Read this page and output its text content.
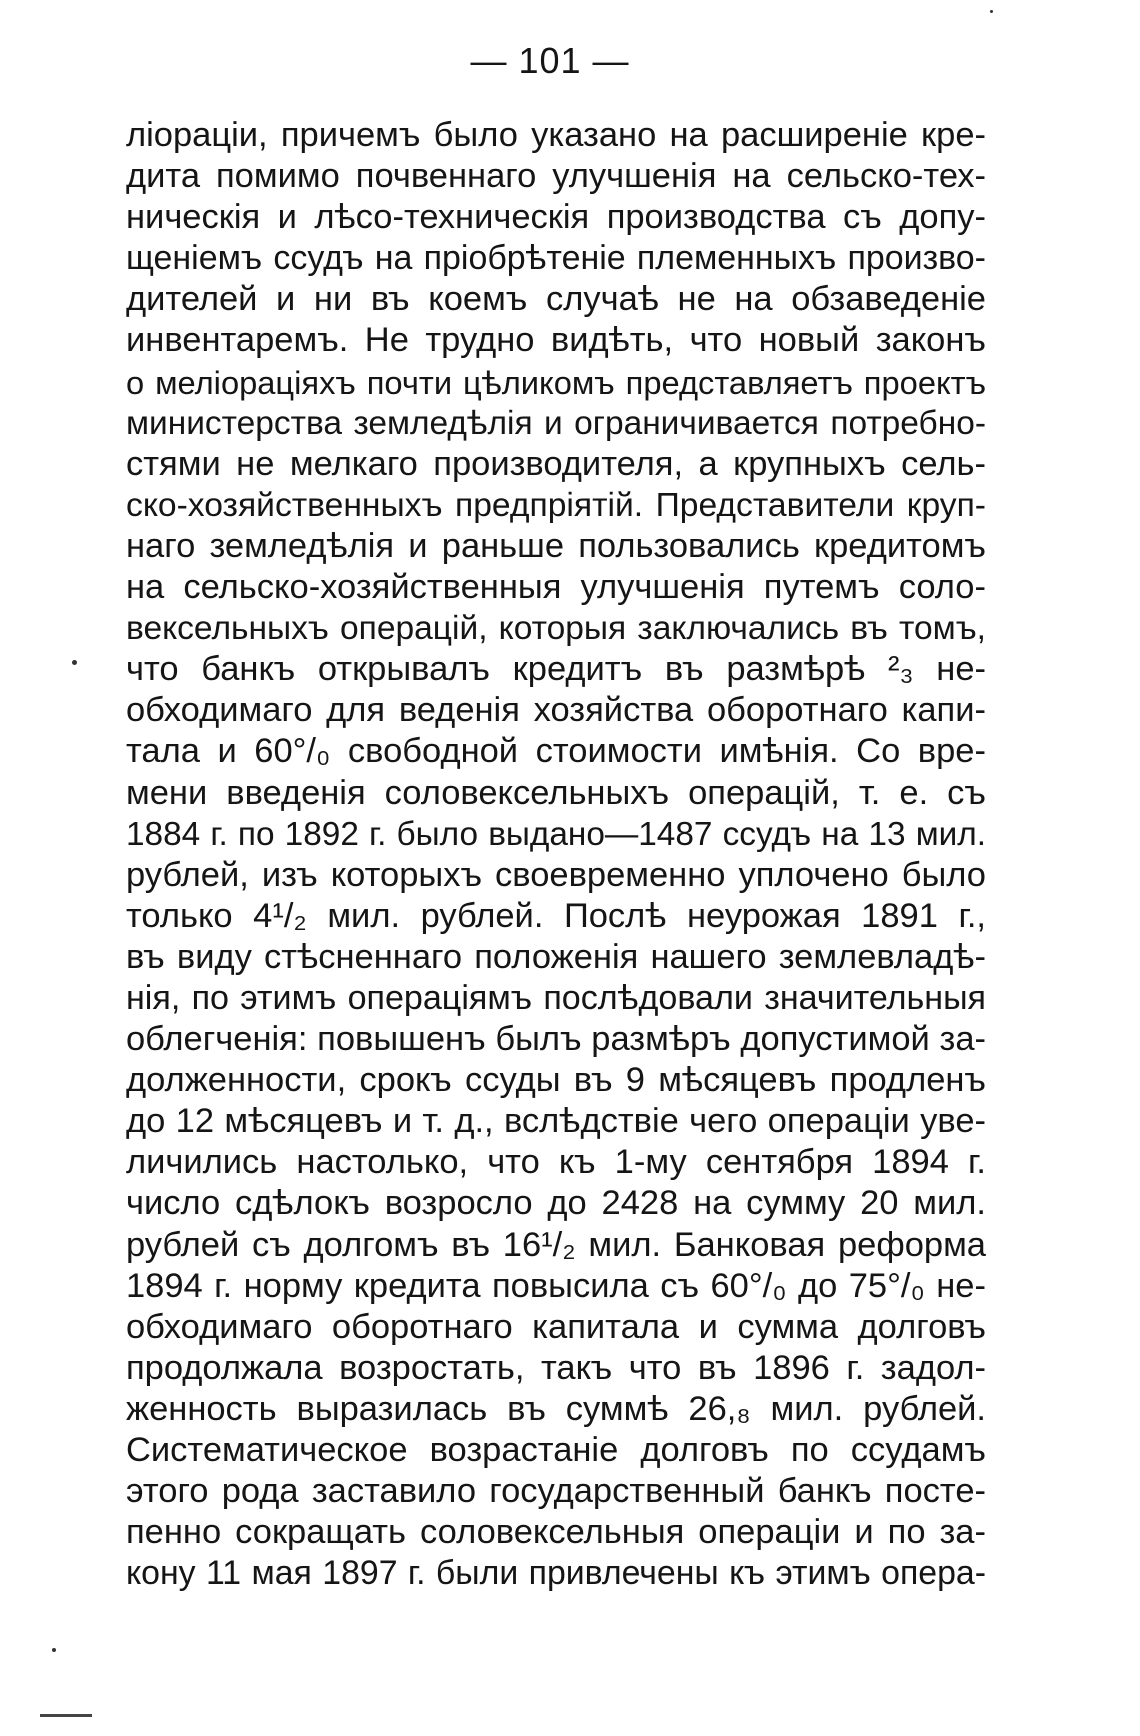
— 101 —
ліораціи, причемъ было указано на расширеніе кре-
дита помимо почвеннаго улучшенія на сельско-тех-
ническія и лѣсо-техническія производства съ допу-
щеніемъ ссудъ на пріобрѣтеніе племенныхъ произво-
дителей и ни въ коемъ случаѣ не на обзаведеніе
инвентаремъ. Не трудно видѣть, что новый законъ
о меліораціяхъ почти цѣликомъ представляетъ проектъ
министерства земледѣлія и ограничивается потребно-
стями не мелкаго производителя, а крупныхъ сель-
ско-хозяйственныхъ предпріятій. Представители круп-
наго земледѣлія и раньше пользовались кредитомъ
на сельско-хозяйственныя улучшенія путемъ соло-
вексельныхъ операцій, которыя заключались въ томъ,
что банкъ открывалъ кредитъ въ размѣрѣ ²₃ не-
обходимаго для веденія хозяйства оборотнаго капи-
тала и 60°/₀ свободной стоимости имѣнія. Со вре-
мени введенія соловексельныхъ операцій, т. е. съ
1884 г. по 1892 г. было выдано—1487 ссудъ на 13 мил.
рублей, изъ которыхъ своевременно уплочено было
только 4¹/₂ мил. рублей. Послѣ неурожая 1891 г.,
въ виду стѣсненнаго положенія нашего землевладѣ-
нія, по этимъ операціямъ послѣдовали значительныя
облегченія: повышенъ былъ размѣръ допустимой за-
долженности, срокъ ссуды въ 9 мѣсяцевъ продленъ
до 12 мѣсяцевъ и т. д., вслѣдствіе чего операціи уве-
личились настолько, что къ 1-му сентября 1894 г.
число сдѣлокъ возросло до 2428 на сумму 20 мил.
рублей съ долгомъ въ 16¹/₂ мил. Банковая реформа
1894 г. норму кредита повысила съ 60°/₀ до 75°/₀ не-
обходимаго оборотнаго капитала и сумма долговъ
продолжала возростать, такъ что въ 1896 г. задол-
женность выразилась въ суммѣ 26,₈ мил. рублей.
Систематическое возрастаніе долговъ по ссудамъ
этого рода заставило государственный банкъ посте-
пенно сокращать соловексельныя операціи и по за-
кону 11 мая 1897 г. были привлечены къ этимъ опера-
